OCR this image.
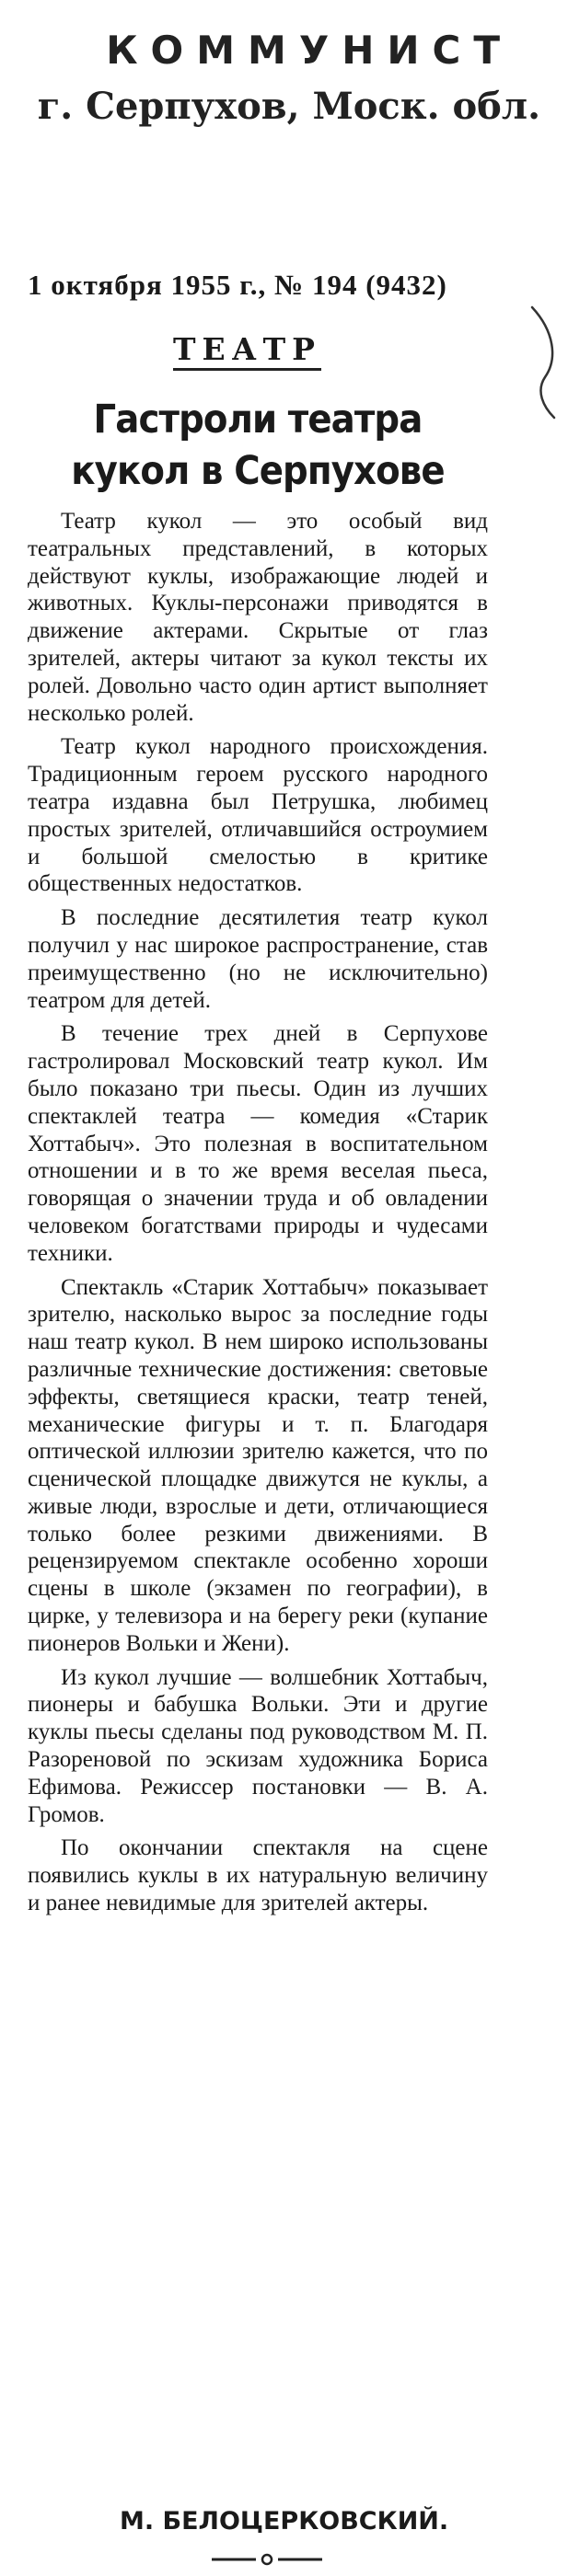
КОММУНИСТ
г. Серпухов, Моск. обл.
1 октября 1955 г., № 194 (9432)
ТЕАТР
Гастроли театра кукол в Серпухове

Театр кукол — это особый вид театральных представлений, в которых действуют куклы, изображающие людей и животных. Куклы-персонажи приводятся в движение актерами. Скрытые от глаз зрителей, актеры читают за кукол тексты их ролей. Довольно часто один артист выполняет несколько ролей.

Театр кукол народного происхождения. Традиционным героем русского народного театра издавна был Петрушка, любимец простых зрителей, отличавшийся остроумием и большой смелостью в критике общественных недостатков.

В последние десятилетия театр кукол получил у нас широкое распространение, став преимущественно (но не исключительно) театром для детей.

В течение трех дней в Серпухове гастролировал Московский театр кукол. Им было показано три пьесы. Один из лучших спектаклей театра — комедия «Старик Хоттабыч». Это полезная в воспитательном отношении и в то же время веселая пьеса, говорящая о значении труда и об овладении человеком богатствами природы и чудесами техники.

Спектакль «Старик Хоттабыч» показывает зрителю, насколько вырос за последние годы наш театр кукол. В нем широко использованы различные технические достижения: световые эффекты, светящиеся краски, театр теней, механические фигуры и т. п. Благодаря оптической иллюзии зрителю кажется, что по сценической площадке движутся не куклы, а живые люди, взрослые и дети, отличающиеся только более резкими движениями. В рецензируемом спектакле особенно хороши сцены в школе (экзамен по географии), в цирке, у телевизора и на берегу реки (купание пионеров Вольки и Жени).

Из кукол лучшие — волшебник Хоттабыч, пионеры и бабушка Вольки. Эти и другие куклы пьесы сделаны под руководством М. П. Разореновой по эскизам художника Бориса Ефимова. Режиссер постановки — В. А. Громов.

По окончании спектакля на сцене появились куклы в их натуральную величину и ранее невидимые для зрителей актеры.

М. БЕЛОЦЕРКОВСКИЙ.
